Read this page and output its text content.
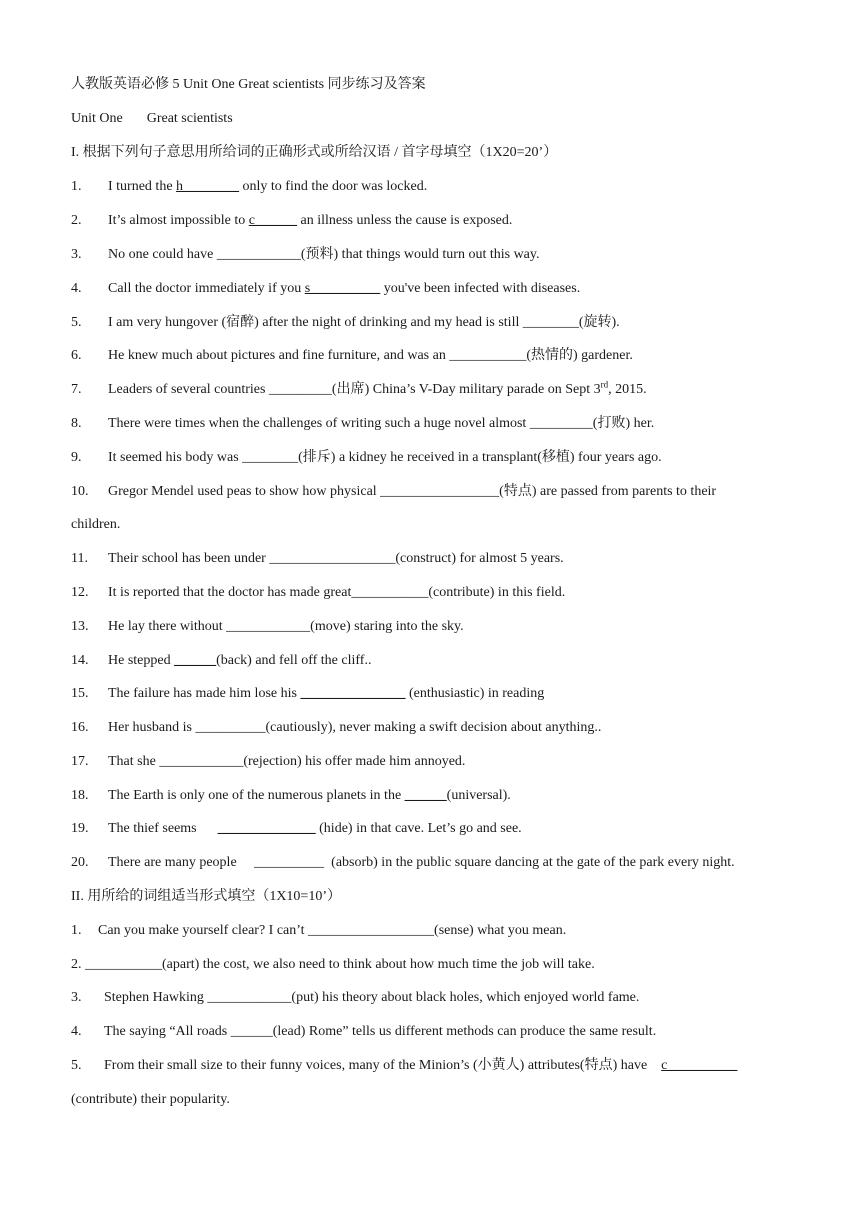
人教版英语必修 5 Unit One Great scientists 同步练习及答案
Unit One Great scientists
I. 根据下列句子意思用所给词的正确形式或所给汉语 / 首字母填空（1X20=20’）
1. I turned the h________ only to find the door was locked.
2. It’s almost impossible to c______ an illness unless the cause is exposed.
3. No one could have ____________(预料) that things would turn out this way.
4. Call the doctor immediately if you s__________ you've been infected with diseases.
5. I am very hungover (宿醉) after the night of drinking and my head is still ________(旋转).
6. He knew much about pictures and fine furniture, and was an ___________(热情的) gardener.
7. Leaders of several countries _________(出席) China’s V-Day military parade on Sept 3rd, 2015.
8. There were times when the challenges of writing such a huge novel almost _________(打败) her.
9. It seemed his body was ________(排斥) a kidney he received in a transplant(移植) four years ago.
10. Gregor Mendel used peas to show how physical _________________(特点) are passed from parents to their
children.
11. Their school has been under __________________(construct) for almost 5 years.
12. It is reported that the doctor has made great___________(contribute) in this field.
13. He lay there without ____________(move) staring into the sky.
14. He stepped ______(back) and fell off the cliff..
15. The failure has made him lose his _______________ (enthusiastic) in reading
16. Her husband is __________(cautiously), never making a swift decision about anything..
17. That she ____________(rejection) his offer made him annoyed.
18. The Earth is only one of the numerous planets in the ______(universal).
19. The thief seems      ______________ (hide) in that cave. Let’s go and see.
20. There are many people     __________  (absorb) in the public square dancing at the gate of the park every night.
II. 用所给的词组适当形式填空（1X10=10’）
1. Can you make yourself clear? I can’t __________________(sense) what you mean.
2. ___________(apart) the cost, we also need to think about how much time the job will take.
3. Stephen Hawking ____________(put) his theory about black holes, which enjoyed world fame.
4. The saying “All roads ______(lead) Rome” tells us different methods can produce the same result.
5. From their small size to their funny voices, many of the Minion’s (小黄人) attributes(特点) have    c__________
(contribute) their popularity.
